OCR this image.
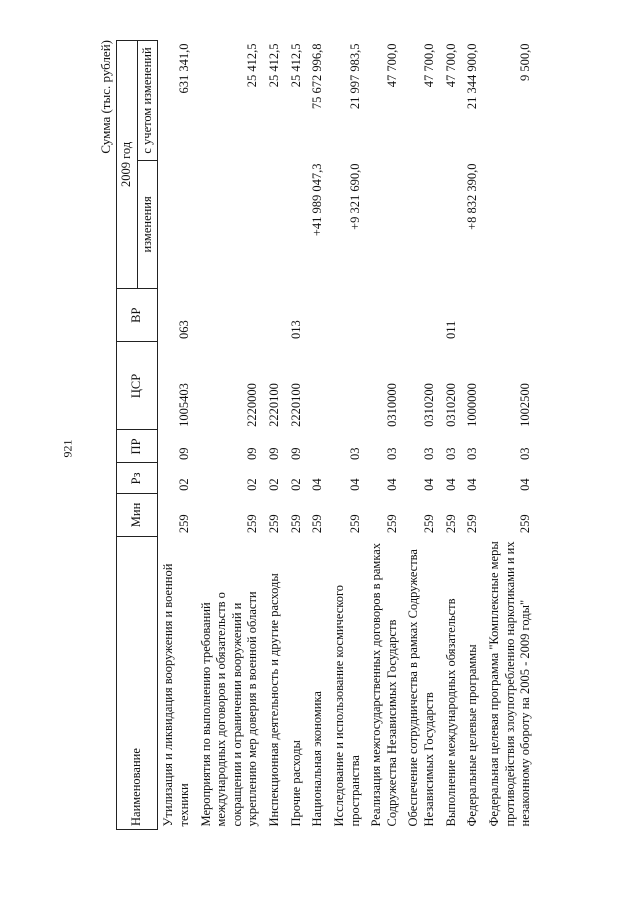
921
Сумма (тыс. рублей)
Наименование	Мин	Рз	ПР	ЦСР	ВР	2009 год	
						изменения	с учетом изменений

Утилизация и ликвидация вооружения и военной техники	259	02	09	1005403	063		631 341,0
Мероприятия по выполнению требований международных договоров и обязательств о сокращении и ограничении вооружений и укреплению мер доверия в военной области	259	02	09	2220000			25 412,5
Инспекционная деятельность и другие расходы	259	02	09	2220100			25 412,5
Прочие расходы	259	02	09	2220100	013		25 412,5
Национальная экономика	259	04				+41 989 047,3	75 672 996,8
Исследование и использование космического пространства	259	04	03			+9 321 690,0	21 997 983,5
Реализация межгосударственных договоров в рамках Содружества Независимых Государств	259	04	03	0310000			47 700,0
Обеспечение сотрудничества в рамках Содружества Независимых Государств	259	04	03	0310200			47 700,0
Выполнение международных обязательств	259	04	03	0310200	011		47 700,0
Федеральные целевые программы	259	04	03	1000000		+8 832 390,0	21 344 900,0
Федеральная целевая программа "Комплексные меры противодействия злоупотреблению наркотиками и их незаконному обороту на 2005 - 2009 годы"	259	04	03	1002500			9 500,0
